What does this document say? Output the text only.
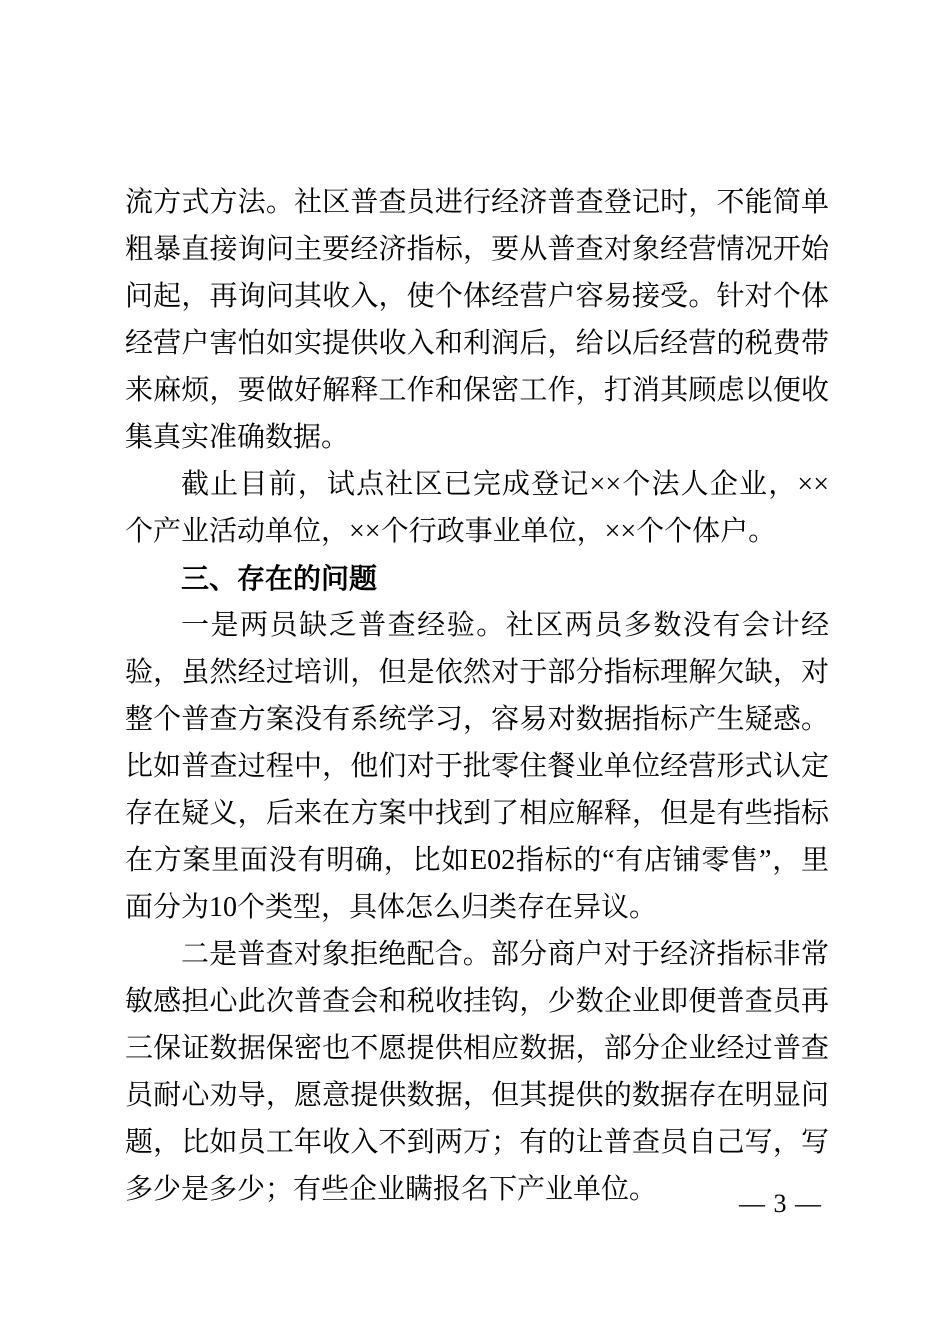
流方式方法。社区普查员进行经济普查登记时，不能简单粗暴直接询问主要经济指标，要从普查对象经营情况开始问起，再询问其收入，使个体经营户容易接受。针对个体经营户害怕如实提供收入和利润后，给以后经营的税费带来麻烦，要做好解释工作和保密工作，打消其顾虑以便收集真实准确数据。

截止目前，试点社区已完成登记××个法人企业，××个产业活动单位，××个行政事业单位，××个个体户。

三、存在的问题

一是两员缺乏普查经验。社区两员多数没有会计经验，虽然经过培训，但是依然对于部分指标理解欠缺，对整个普查方案没有系统学习，容易对数据指标产生疑惑。比如普查过程中，他们对于批零住餐业单位经营形式认定存在疑义，后来在方案中找到了相应解释，但是有些指标在方案里面没有明确，比如E02指标的“有店铺零售”，里面分为10个类型，具体怎么归类存在异议。

二是普查对象拒绝配合。部分商户对于经济指标非常敏感担心此次普查会和税收挂钩，少数企业即便普查员再三保证数据保密也不愿提供相应数据，部分企业经过普查员耐心劝导，愿意提供数据，但其提供的数据存在明显问题，比如员工年收入不到两万；有的让普查员自己写，写多少是多少；有些企业瞒报名下产业单位。	— 3 —
